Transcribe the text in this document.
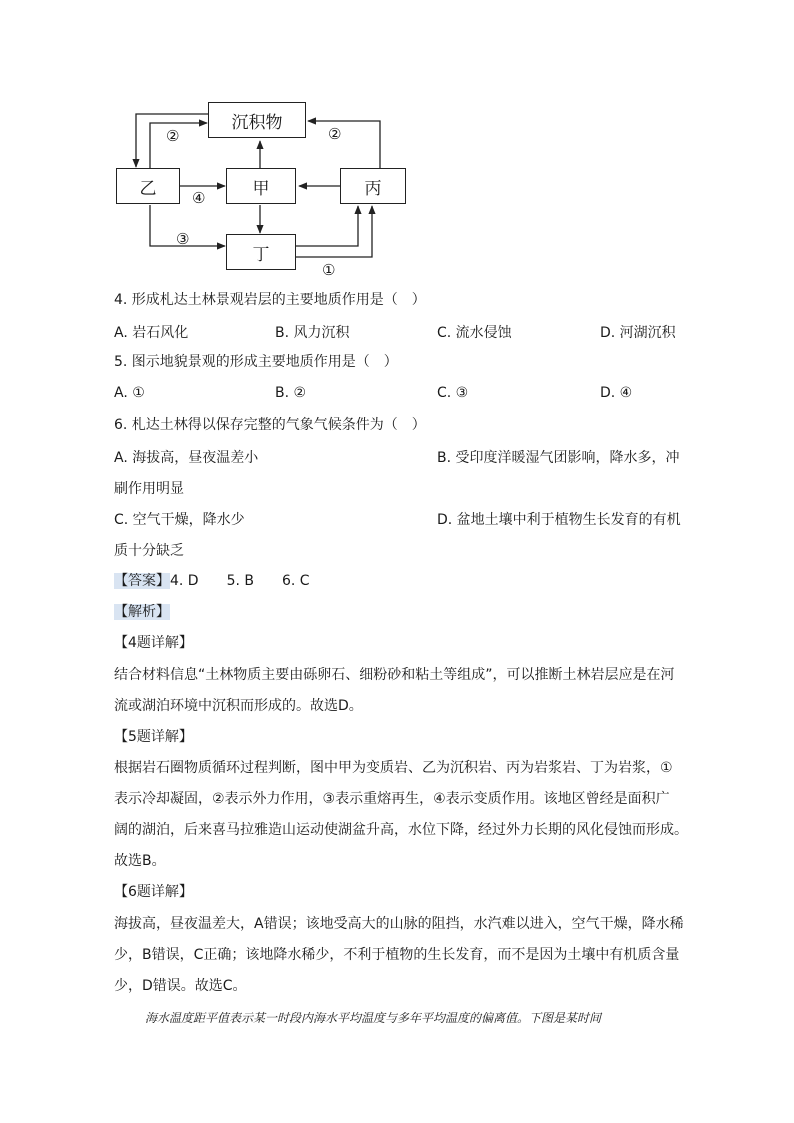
沉积物
甲
乙	丙
丁
②	②
④
③
①
4. 形成札达土林景观岩层的主要地质作用是（　）
A. 岩石风化	B. 风力沉积	C. 流水侵蚀	D. 河湖沉积
5. 图示地貌景观的形成主要地质作用是（　）
A. ①	B. ②	C. ③	D. ④
6. 札达土林得以保存完整的气象气候条件为（　）
A. 海拔高，昼夜温差小	B. 受印度洋暖湿气团影响，降水多，冲
刷作用明显
C. 空气干燥，降水少	D. 盆地土壤中利于植物生长发育的有机
质十分缺乏
【答案】4. D　　5. B　　6. C
【解析】
【4题详解】
结合材料信息“土林物质主要由砾卵石、细粉砂和粘土等组成”，可以推断土林岩层应是在河
流或湖泊环境中沉积而形成的。故选D。
【5题详解】
根据岩石圈物质循环过程判断，图中甲为变质岩、乙为沉积岩、丙为岩浆岩、丁为岩浆，①
表示冷却凝固，②表示外力作用，③表示重熔再生，④表示变质作用。该地区曾经是面积广
阔的湖泊，后来喜马拉雅造山运动使湖盆升高，水位下降，经过外力长期的风化侵蚀而形成。
故选B。
【6题详解】
海拔高，昼夜温差大，A错误；该地受高大的山脉的阻挡，水汽难以进入，空气干燥，降水稀
少，B错误，C正确；该地降水稀少，不利于植物的生长发育，而不是因为土壤中有机质含量
少，D错误。故选C。
海水温度距平值表示某一时段内海水平均温度与多年平均温度的偏离值。下图是某时间
